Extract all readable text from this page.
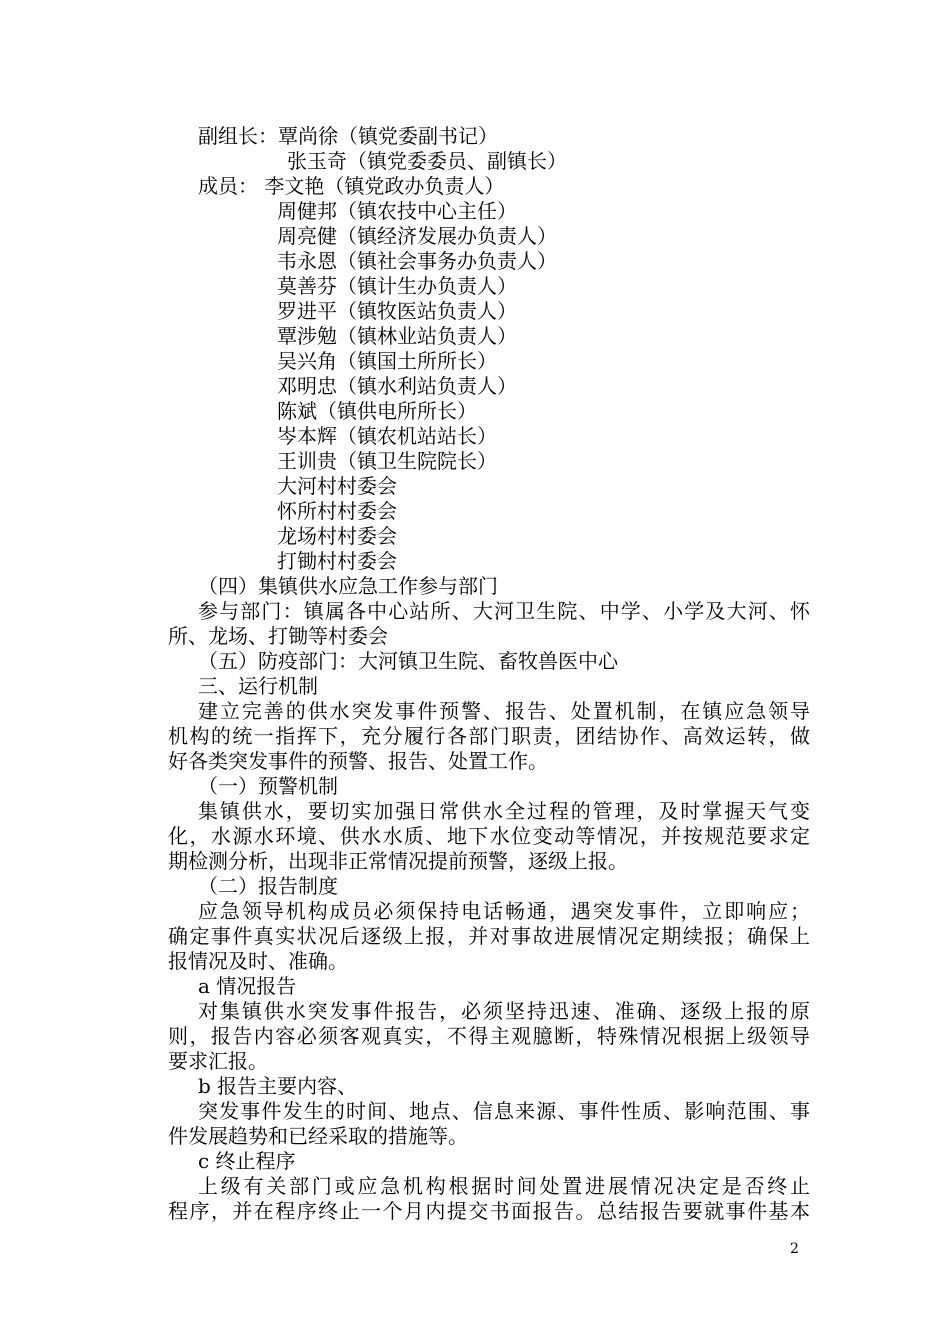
副组长：覃尚徐（镇党委副书记）
张玉奇（镇党委委员、副镇长）
成员： 李文艳（镇党政办负责人）
周健邦（镇农技中心主任）
周亮健（镇经济发展办负责人）
韦永恩（镇社会事务办负责人）
莫善芬（镇计生办负责人）
罗进平（镇牧医站负责人）
覃涉勉（镇林业站负责人）
吴兴角（镇国土所所长）
邓明忠（镇水利站负责人）
陈斌（镇供电所所长）
岑本辉（镇农机站站长）
王训贵（镇卫生院院长）
大河村村委会
怀所村村委会
龙场村村委会
打锄村村委会
（四）集镇供水应急工作参与部门
参与部门：镇属各中心站所、大河卫生院、中学、小学及大河、怀
所、龙场、打锄等村委会
（五）防疫部门：大河镇卫生院、畜牧兽医中心
三、运行机制
建立完善的供水突发事件预警、报告、处置机制，在镇应急领导
机构的统一指挥下，充分履行各部门职责，团结协作、高效运转，做
好各类突发事件的预警、报告、处置工作。
（一）预警机制
集镇供水，要切实加强日常供水全过程的管理，及时掌握天气变
化，水源水环境、供水水质、地下水位变动等情况，并按规范要求定
期检测分析，出现非正常情况提前预警，逐级上报。
（二）报告制度
应急领导机构成员必须保持电话畅通，遇突发事件，立即响应；
确定事件真实状况后逐级上报，并对事故进展情况定期续报；确保上
报情况及时、准确。
a 情况报告
对集镇供水突发事件报告，必须坚持迅速、准确、逐级上报的原
则，报告内容必须客观真实，不得主观臆断，特殊情况根据上级领导
要求汇报。
b 报告主要内容、
突发事件发生的时间、地点、信息来源、事件性质、影响范围、事
件发展趋势和已经采取的措施等。
c 终止程序
上级有关部门或应急机构根据时间处置进展情况决定是否终止
程序，并在程序终止一个月内提交书面报告。总结报告要就事件基本
2
